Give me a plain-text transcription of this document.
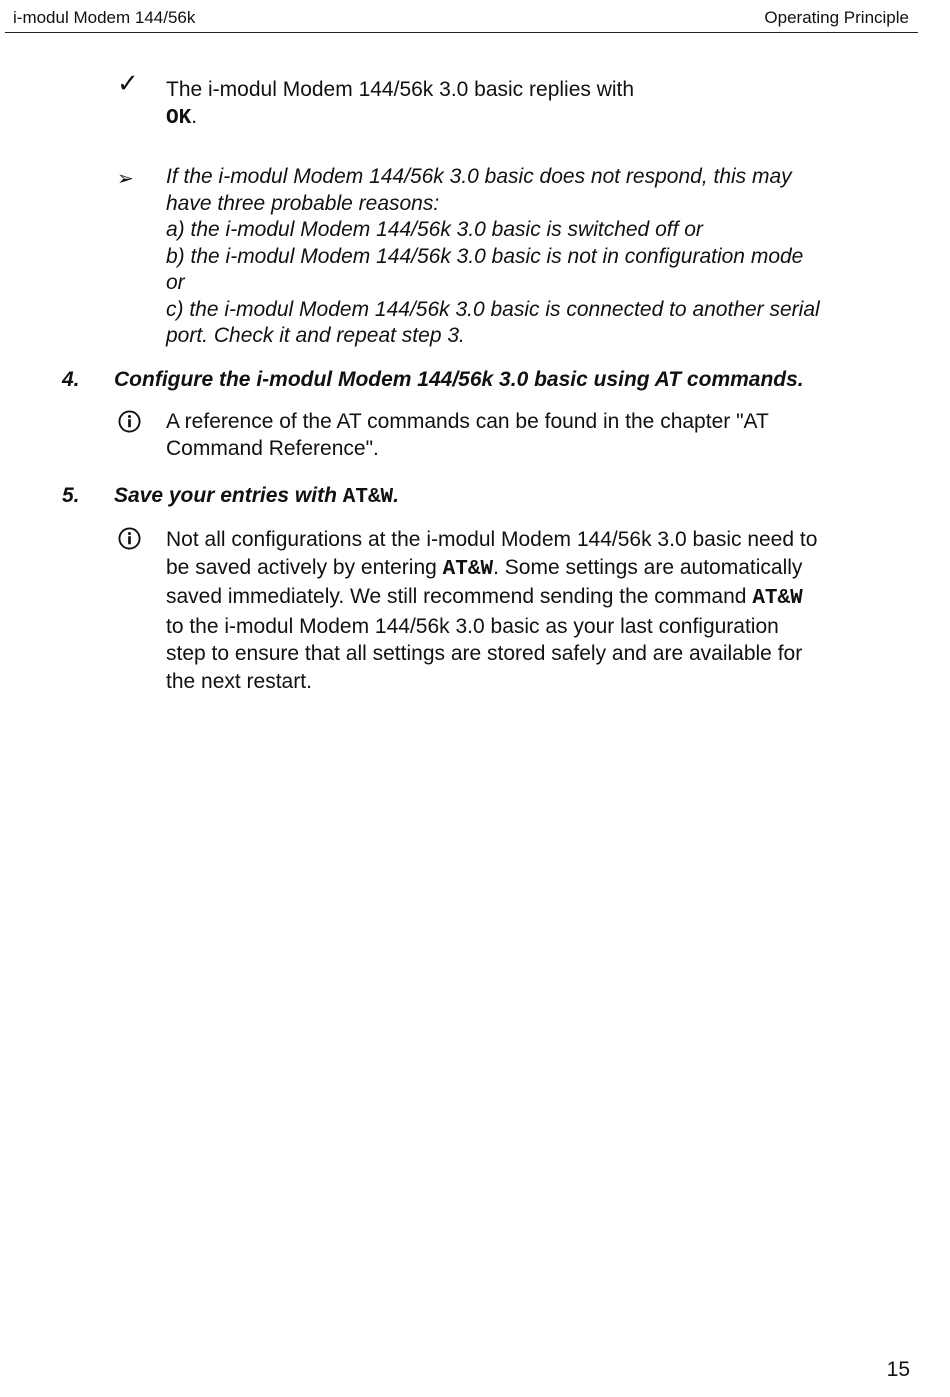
i-modul Modem 144/56k	Operating Principle
✓ The i-modul Modem 144/56k 3.0 basic replies with
OK.
➢ If the i-modul Modem 144/56k 3.0 basic does not respond, this may
have three probable reasons:
a) the i-modul Modem 144/56k 3.0 basic is switched off or
b) the i-modul Modem 144/56k 3.0 basic is not in configuration mode
or
c) the i-modul Modem 144/56k 3.0 basic is connected to another serial
port. Check it and repeat step 3.
4. Configure the i-modul Modem 144/56k 3.0 basic using AT commands.
A reference of the AT commands can be found in the chapter "AT
Command Reference".
5. Save your entries with AT&W.
Not all configurations at the i-modul Modem 144/56k 3.0 basic need to
be saved actively by entering AT&W. Some settings are automatically
saved immediately. We still recommend sending the command AT&W
to the i-modul Modem 144/56k 3.0 basic as your last configuration
step to ensure that all settings are stored safely and are available for
the next restart.
15
